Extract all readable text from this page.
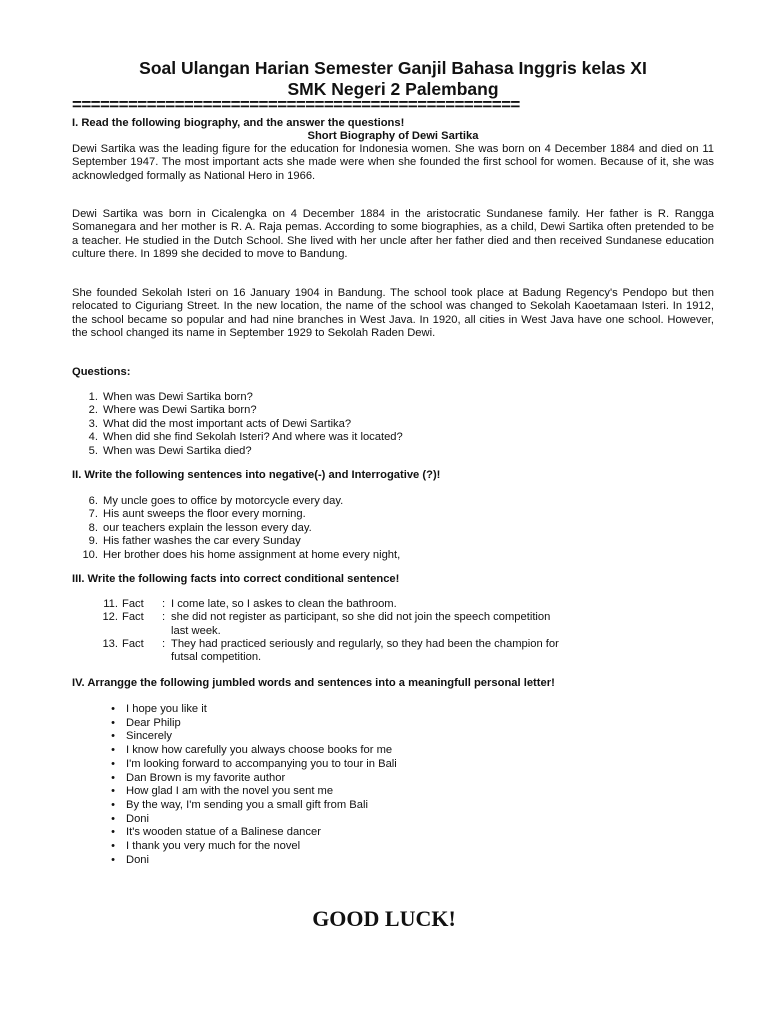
Soal Ulangan Harian Semester Ganjil Bahasa Inggris kelas XI
SMK Negeri 2 Palembang
================================================
I. Read the following biography, and the answer the questions!
Short Biography of Dewi Sartika

Dewi Sartika was the leading figure for the education for Indonesia women. She was born on 4 December 1884 and died on 11 September 1947. The most important acts she made were when she founded the first school for women. Because of it, she was acknowledged formally as National Hero in 1966.

Dewi Sartika was born in Cicalengka on 4 December 1884 in the aristocratic Sundanese family. Her father is R. Rangga Somanegara and her mother is R. A. Raja pemas. According to some biographies, as a child, Dewi Sartika often pretended to be a teacher. He studied in the Dutch School. She lived with her uncle after her father died and then received Sundanese education culture there. In 1899 she decided to move to Bandung.

She founded Sekolah Isteri on 16 January 1904 in Bandung. The school took place at Badung Regency's Pendopo but then relocated to Ciguriang Street. In the new location, the name of the school was changed to Sekolah Kaoetamaan Isteri. In 1912, the school became so popular and had nine branches in West Java. In 1920, all cities in West Java have one school. However, the school changed its name in September 1929 to Sekolah Raden Dewi.

Questions:
1. When was Dewi Sartika born?
2. Where was Dewi Sartika born?
3. What did the most important acts of Dewi Sartika?
4. When did she find Sekolah Isteri? And where was it located?
5. When was Dewi Sartika died?
II. Write the following sentences into negative(-) and Interrogative (?)!
6. My uncle goes to office by motorcycle every day.
7. His aunt sweeps the floor every morning.
8. our teachers explain the lesson every day.
9. His father washes the car every Sunday
10. Her brother does his home assignment at home every night,
III. Write the following facts into correct conditional sentence!
11. Fact	: I come late, so I askes to clean the bathroom.
12. Fact	: she did not register as participant, so she did not join the speech competition
last week.
13. Fact	: They had practiced seriously and regularly, so they had been the champion for
futsal competition.
IV. Arrangge the following jumbled words and sentences into a meaningfull personal letter!
• I hope you like it
• Dear Philip
• Sincerely
• I know how carefully you always choose books for me
• I'm looking forward to accompanying you to tour in Bali
• Dan Brown is my favorite author
• How glad I am with the novel you sent me
• By the way, I'm sending you a small gift from Bali
• Doni
• It's wooden statue of a Balinese dancer
• I thank you very much for the novel
• Doni
GOOD LUCK!
